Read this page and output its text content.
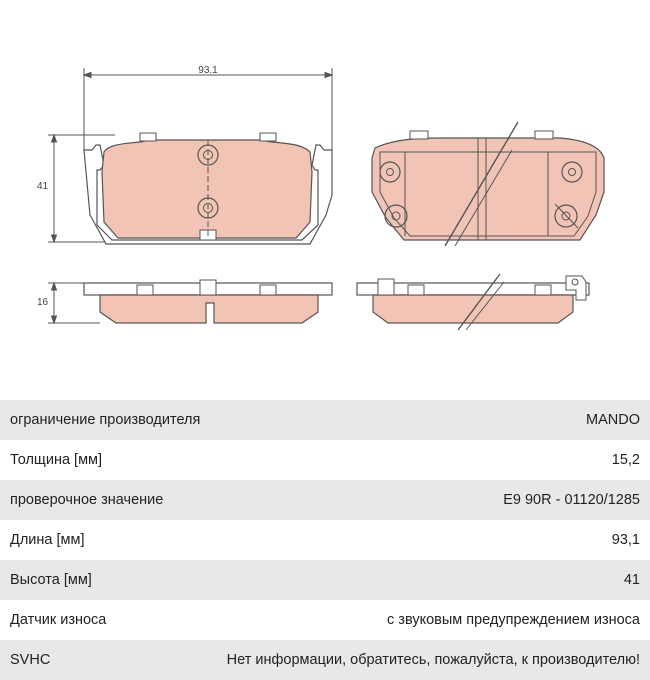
93.1
41
16
ограничение производителя	MANDO
Толщина [мм]	15,2
проверочное значение	E9 90R - 01120/1285
Длина [мм]	93,1
Высота [мм]	41
Датчик износа	с звуковым предупреждением износа
SVHC	Нет информации, обратитесь, пожалуйста, к производителю!
